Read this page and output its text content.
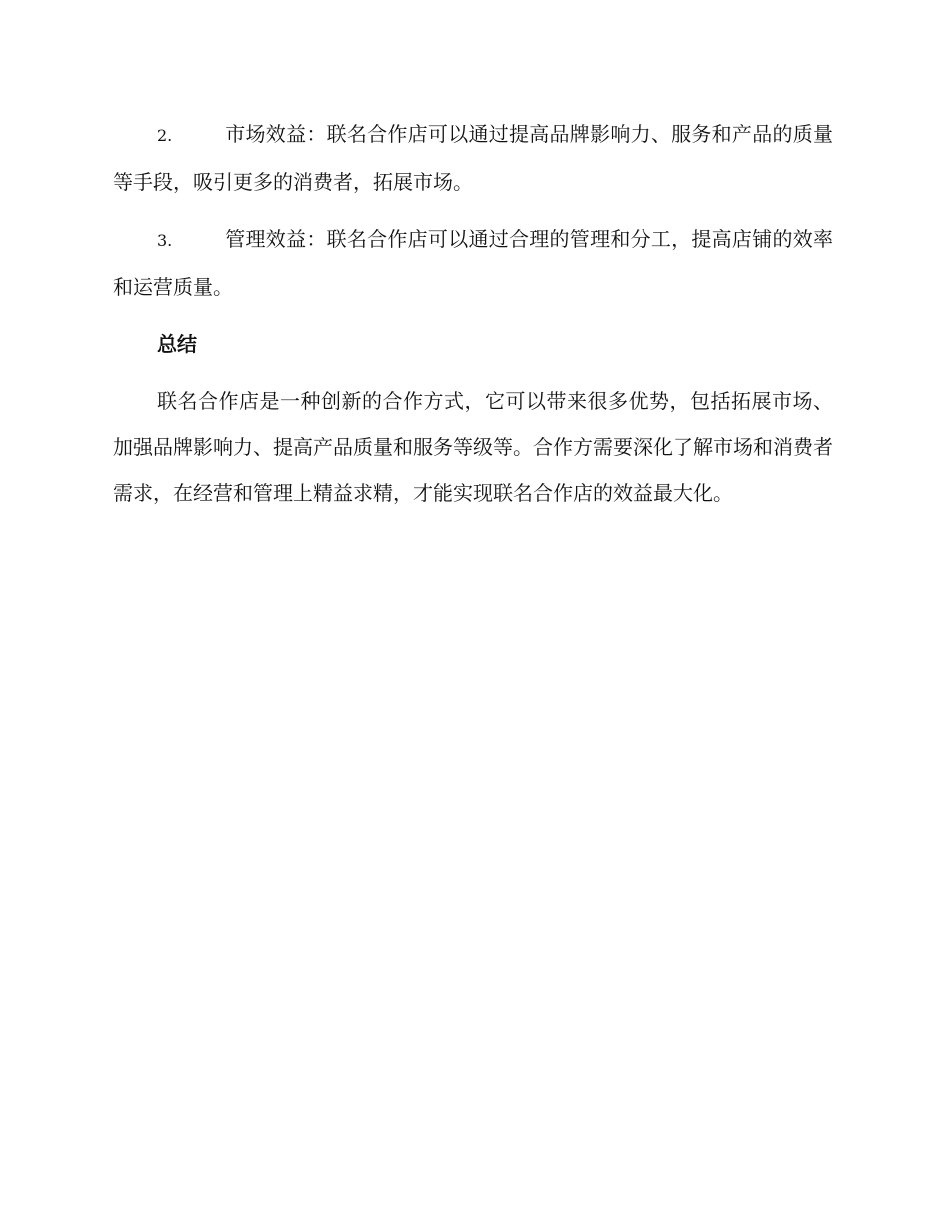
2.	市场效益：联名合作店可以通过提高品牌影响力、服务和产品的质量等手段，吸引更多的消费者，拓展市场。

3.	管理效益：联名合作店可以通过合理的管理和分工，提高店铺的效率和运营质量。

总结

联名合作店是一种创新的合作方式，它可以带来很多优势，包括拓展市场、加强品牌影响力、提高产品质量和服务等级等。合作方需要深化了解市场和消费者需求，在经营和管理上精益求精，才能实现联名合作店的效益最大化。
